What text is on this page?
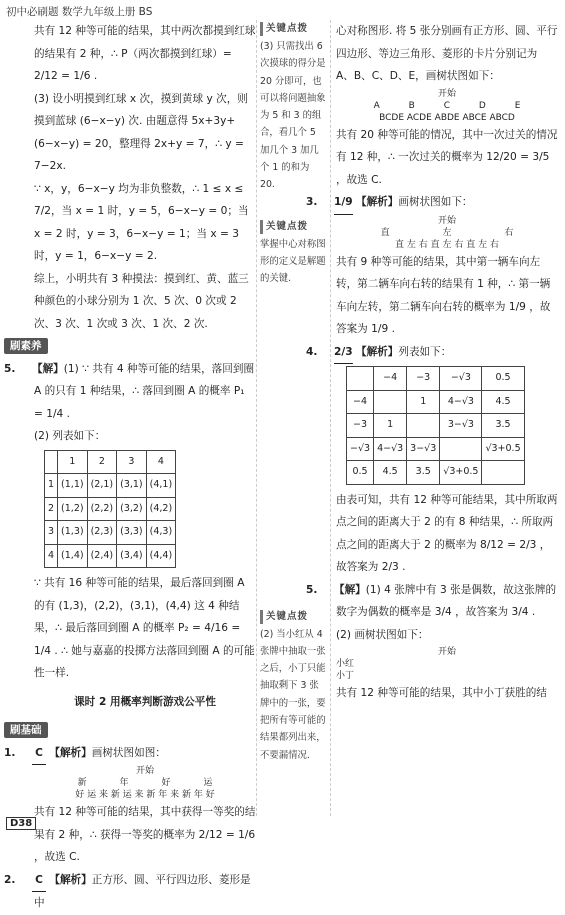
初中必刷题 数学九年级上册 BS
共有 12 种等可能的结果，其中两次都摸到红球的结果有 2 种，∴ P（两次都摸到红球）= 2/12 = 1/6 .
(3) 设小明摸到红球 x 次，摸到黄球 y 次，则摸到蓝球 (6−x−y) 次. 由题意得 5x+3y+(6−x−y) = 20，整理得 2x+y = 7，∴ y = 7−2x.
∵ x，y，6−x−y 均为非负整数，∴ 1 ≤ x ≤ 7/2，当 x = 1 时，y = 5，6−x−y = 0；当 x = 2 时，y = 3，6−x−y = 1；当 x = 3 时，y = 1，6−x−y = 2.
综上，小明共有 3 种摸法：摸到红、黄、蓝三种颜色的小球分别为 1 次、5 次、0 次或 2 次、3 次、1 次或 3 次、1 次、2 次.
刷素养
5. 【解】(1) ∵ 共有 4 种等可能的结果，落回到圈 A 的只有 1 种结果，∴ 落回到圈 A 的概率 P₁ = 1/4 .
(2) 列表如下：
	1	2	3	4
1	(1,1)	(2,1)	(3,1)	(4,1)
2	(1,2)	(2,2)	(3,2)	(4,2)
3	(1,3)	(2,3)	(3,3)	(4,3)
4	(1,4)	(2,4)	(3,4)	(4,4)
∵ 共有 16 种等可能的结果，最后落回到圈 A 的有 (1,3)，(2,2)，(3,1)，(4,4) 这 4 种结果，∴ 最后落回到圈 A 的概率 P₂ = 4/16 = 1/4 . ∴ 她与嘉嘉的投掷方法落回到圈 A 的可能性一样.
课时 2 用概率判断游戏公平性
刷基础
1. C 【解析】画树状图如图：
开始
新	年	好	运
好 运 来 新 运 来 新 年 来 新 年 好
共有 12 种等可能的结果，其中获得一等奖的结果有 2 种，∴ 获得一等奖的概率为 2/12 = 1/6 ，故选 C.
2. C 【解析】正方形、圆、平行四边形、菱形是中
关键点拨
(3) 只需找出 6 次摸球的得分是 20 分即可，也可以将问题抽象为 5 和 3 的组合，看几个 5 加几个 3 加几个 1 的和为 20.
关键点拨
掌握中心对称图形的定义是解题的关键.
关键点拨
(2) 当小红从 4 张牌中抽取一张之后，小丁只能抽取剩下 3 张牌中的一张，要把所有等可能的结果都列出来，不要漏情况.
心对称图形. 将 5 张分别画有正方形、圆、平行四边形、等边三角形、菱形的卡片分别记为 A、B、C、D、E，画树状图如下：
开始
A	B	C	D	E
BCDE ACDE ABDE ABCE ABCD
共有 20 种等可能的情况，其中一次过关的情况有 12 种，∴ 一次过关的概率为 12/20 = 3/5 ，故选 C.
3. 1/9 【解析】画树状图如下：
开始
直	左	右
直 左 右 直 左 右 直 左 右
共有 9 种等可能的结果，其中第一辆车向左转，第二辆车向右转的结果有 1 种，∴ 第一辆车向左转，第二辆车向右转的概率为 1/9 ，故答案为 1/9 .
4. 2/3 【解析】列表如下：
	−4	−3	−√3	0.5
−4		1	4−√3	4.5
−3	1		3−√3	3.5
−√3	4−√3	3−√3		√3+0.5
0.5	4.5	3.5	√3+0.5	
由表可知，共有 12 种等可能结果，其中所取两点之间的距离大于 2 的有 8 种结果，∴ 所取两点之间的距离大于 2 的概率为 8/12 = 2/3 ，故答案为 2/3 .
5. 【解】(1) 4 张牌中有 3 张是偶数，故这张牌的数字为偶数的概率是 3/4 ，故答案为 3/4 .
(2) 画树状图如下：
开始
小红
小丁
共有 12 种等可能的结果，其中小丁获胜的结
D38
